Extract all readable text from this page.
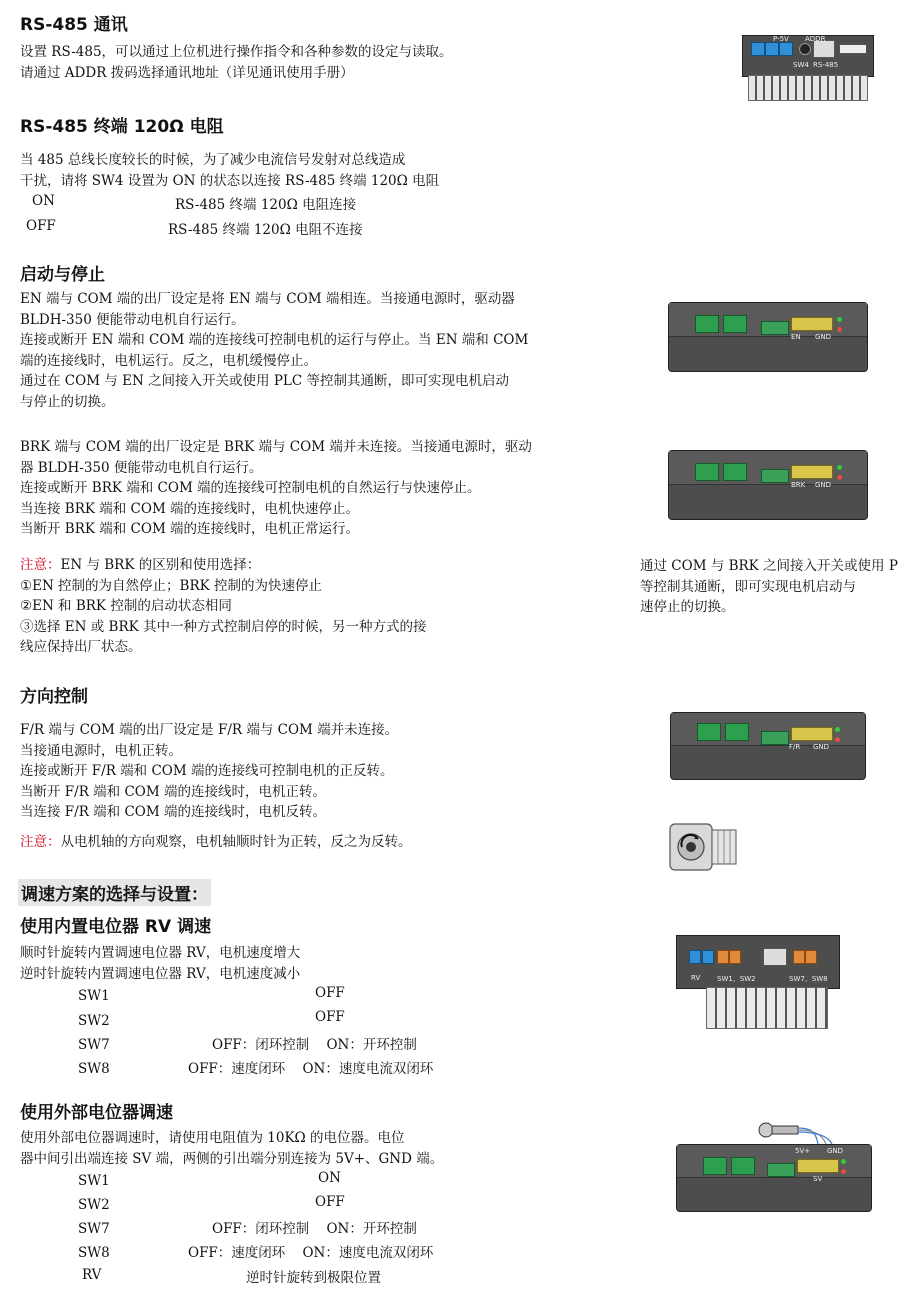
RS-485 通讯
设置 RS-485，可以通过上位机进行操作指令和各种参数的设定与读取。
请通过 ADDR 拨码选择通讯地址（详见通讯使用手册）
P-5V ADDR
SW4 RS-485
RS-485 终端 120Ω 电阻
当 485 总线长度较长的时候，为了减少电流信号发射对总线造成
干扰，请将 SW4 设置为 ON 的状态以连接 RS-485 终端 120Ω 电阻
ON	RS-485 终端 120Ω 电阻连接
OFF	RS-485 终端 120Ω 电阻不连接
启动与停止
EN 端与 COM 端的出厂设定是将 EN 端与 COM 端相连。当接通电源时，驱动器
BLDH-350 便能带动电机自行运行。
连接或断开 EN 端和 COM 端的连接线可控制电机的运行与停止。当 EN 端和 COM
端的连接线时，电机运行。反之，电机缓慢停止。
通过在 COM 与 EN 之间接入开关或使用 PLC 等控制其通断，即可实现电机启动
与停止的切换。
EN GND
BRK 端与 COM 端的出厂设定是 BRK 端与 COM 端并未连接。当接通电源时，驱动
器 BLDH-350 便能带动电机自行运行。
连接或断开 BRK 端和 COM 端的连接线可控制电机的自然运行与快速停止。
当连接 BRK 端和 COM 端的连接线时，电机快速停止。
当断开 BRK 端和 COM 端的连接线时，电机正常运行。
BRK GND
注意：EN 与 BRK 的区别和使用选择：
①EN 控制的为自然停止；BRK 控制的为快速停止
②EN 和 BRK 控制的启动状态相同
③选择 EN 或 BRK 其中一种方式控制启停的时候，另一种方式的接
线应保持出厂状态。
通过 COM 与 BRK 之间接入开关或使用 P
等控制其通断，即可实现电机启动与
速停止的切换。
方向控制
F/R 端与 COM 端的出厂设定是 F/R 端与 COM 端并未连接。
当接通电源时，电机正转。
连接或断开 F/R 端和 COM 端的连接线可控制电机的正反转。
当断开 F/R 端和 COM 端的连接线时，电机正转。
当连接 F/R 端和 COM 端的连接线时，电机反转。
注意：从电机轴的方向观察，电机轴顺时针为正转，反之为反转。
F/R GND
调速方案的选择与设置：
使用内置电位器 RV 调速
顺时针旋转内置调速电位器 RV，电机速度增大
逆时针旋转内置调速电位器 RV，电机速度减小
SW1	OFF
SW2	OFF
SW7	OFF：闭环控制    ON：开环控制
SW8	OFF：速度闭环    ON：速度电流双闭环
RV SW1、SW2	SW7、SW8
使用外部电位器调速
使用外部电位器调速时，请使用电阻值为 10KΩ 的电位器。电位
器中间引出端连接 SV 端，两侧的引出端分别连接为 5V+、GND 端。
SW1	ON
SW2	OFF
SW7	OFF：闭环控制    ON：开环控制
SW8	OFF：速度闭环    ON：速度电流双闭环
RV	逆时针旋转到极限位置
5V+ GND
SV
